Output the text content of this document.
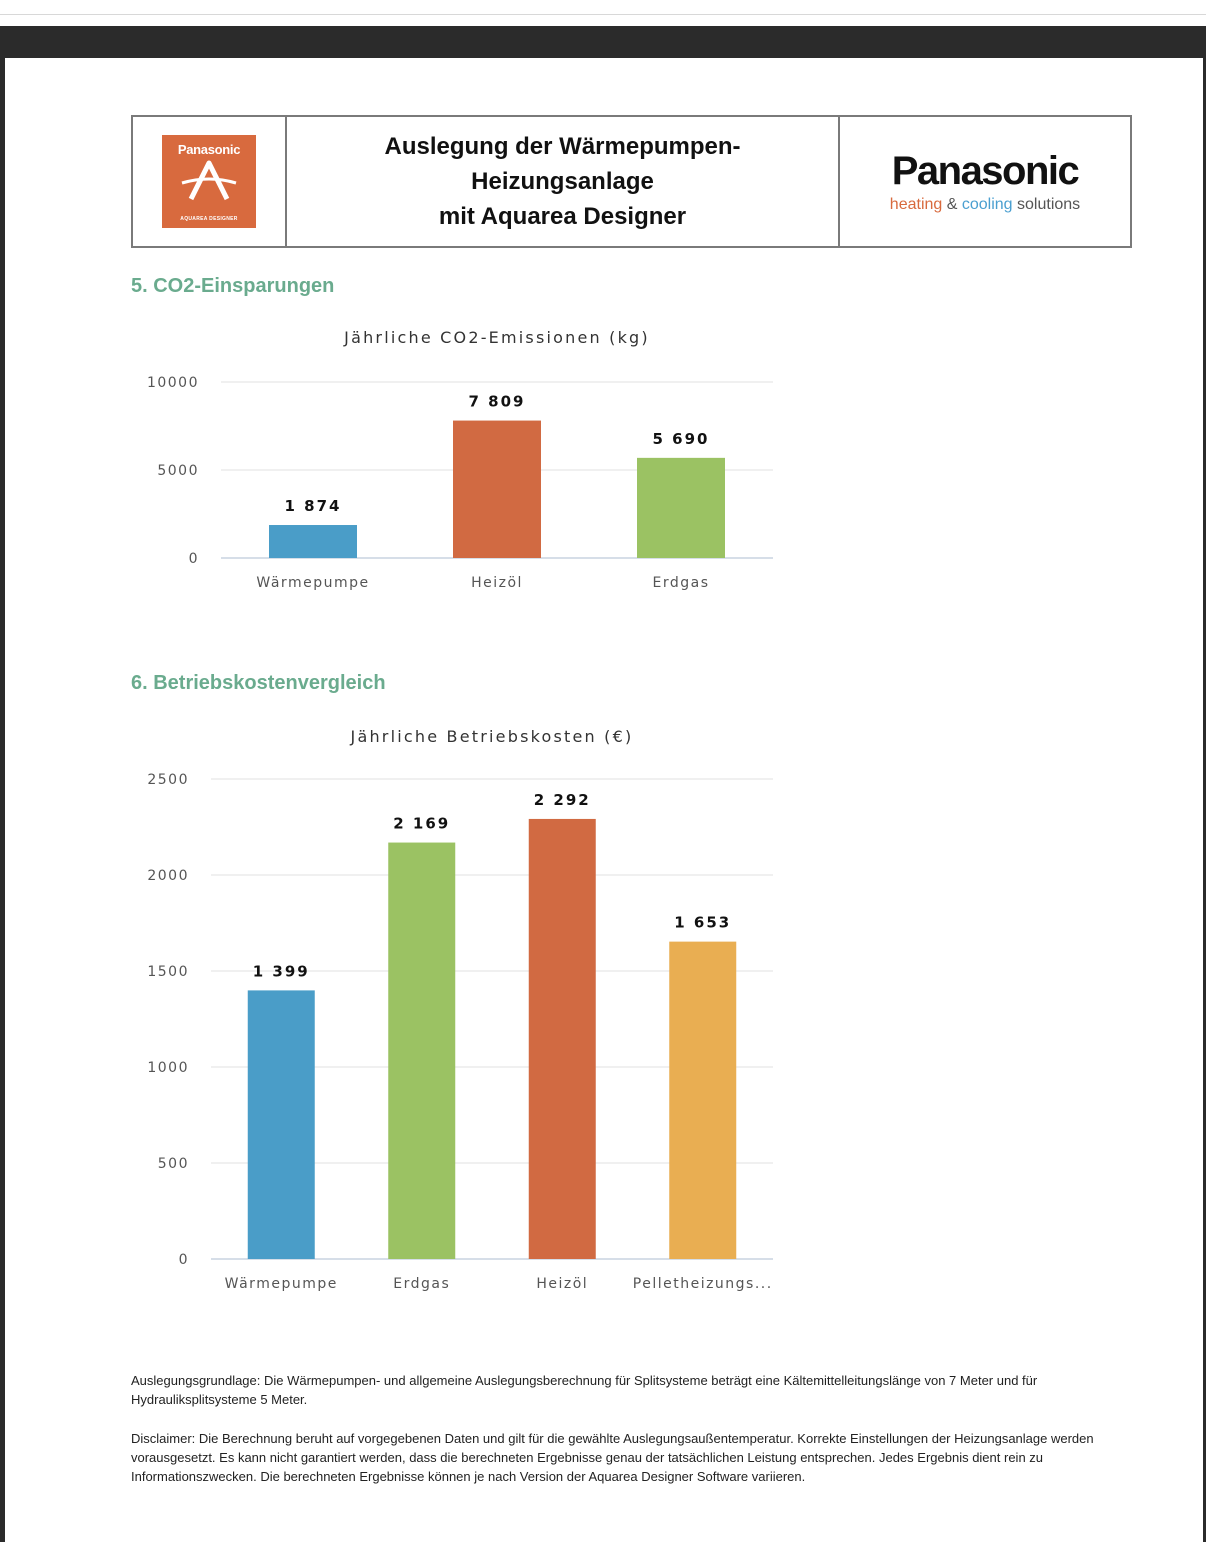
Panasonic
AQUAREA DESIGNER
Auslegung der Wärmepumpen-
Heizungsanlage
mit Aquarea Designer
Panasonic
heating & cooling solutions
5. CO2-Einsparungen
Jährliche CO2-Emissionen (kg)
0
5000
10000
1 874
Wärmepumpe
7 809
Heizöl
5 690
Erdgas
6. Betriebskostenvergleich
Jährliche Betriebskosten (€)
0
500
1000
1500
2000
2500
1 399
Wärmepumpe
2 169
Erdgas
2 292
Heizöl
1 653
Pelletheizungs...
Auslegungsgrundlage: Die Wärmepumpen- und allgemeine Auslegungsberechnung für Splitsysteme beträgt eine Kältemittelleitungslänge von 7 Meter und für Hydrauliksplitsysteme 5 Meter.
Disclaimer: Die Berechnung beruht auf vorgegebenen Daten und gilt für die gewählte Auslegungsaußentemperatur. Korrekte Einstellungen der Heizungsanlage werden vorausgesetzt. Es kann nicht garantiert werden, dass die berechneten Ergebnisse genau der tatsächlichen Leistung entsprechen. Jedes Ergebnis dient rein zu Informationszwecken. Die berechneten Ergebnisse können je nach Version der Aquarea Designer Software variieren.
